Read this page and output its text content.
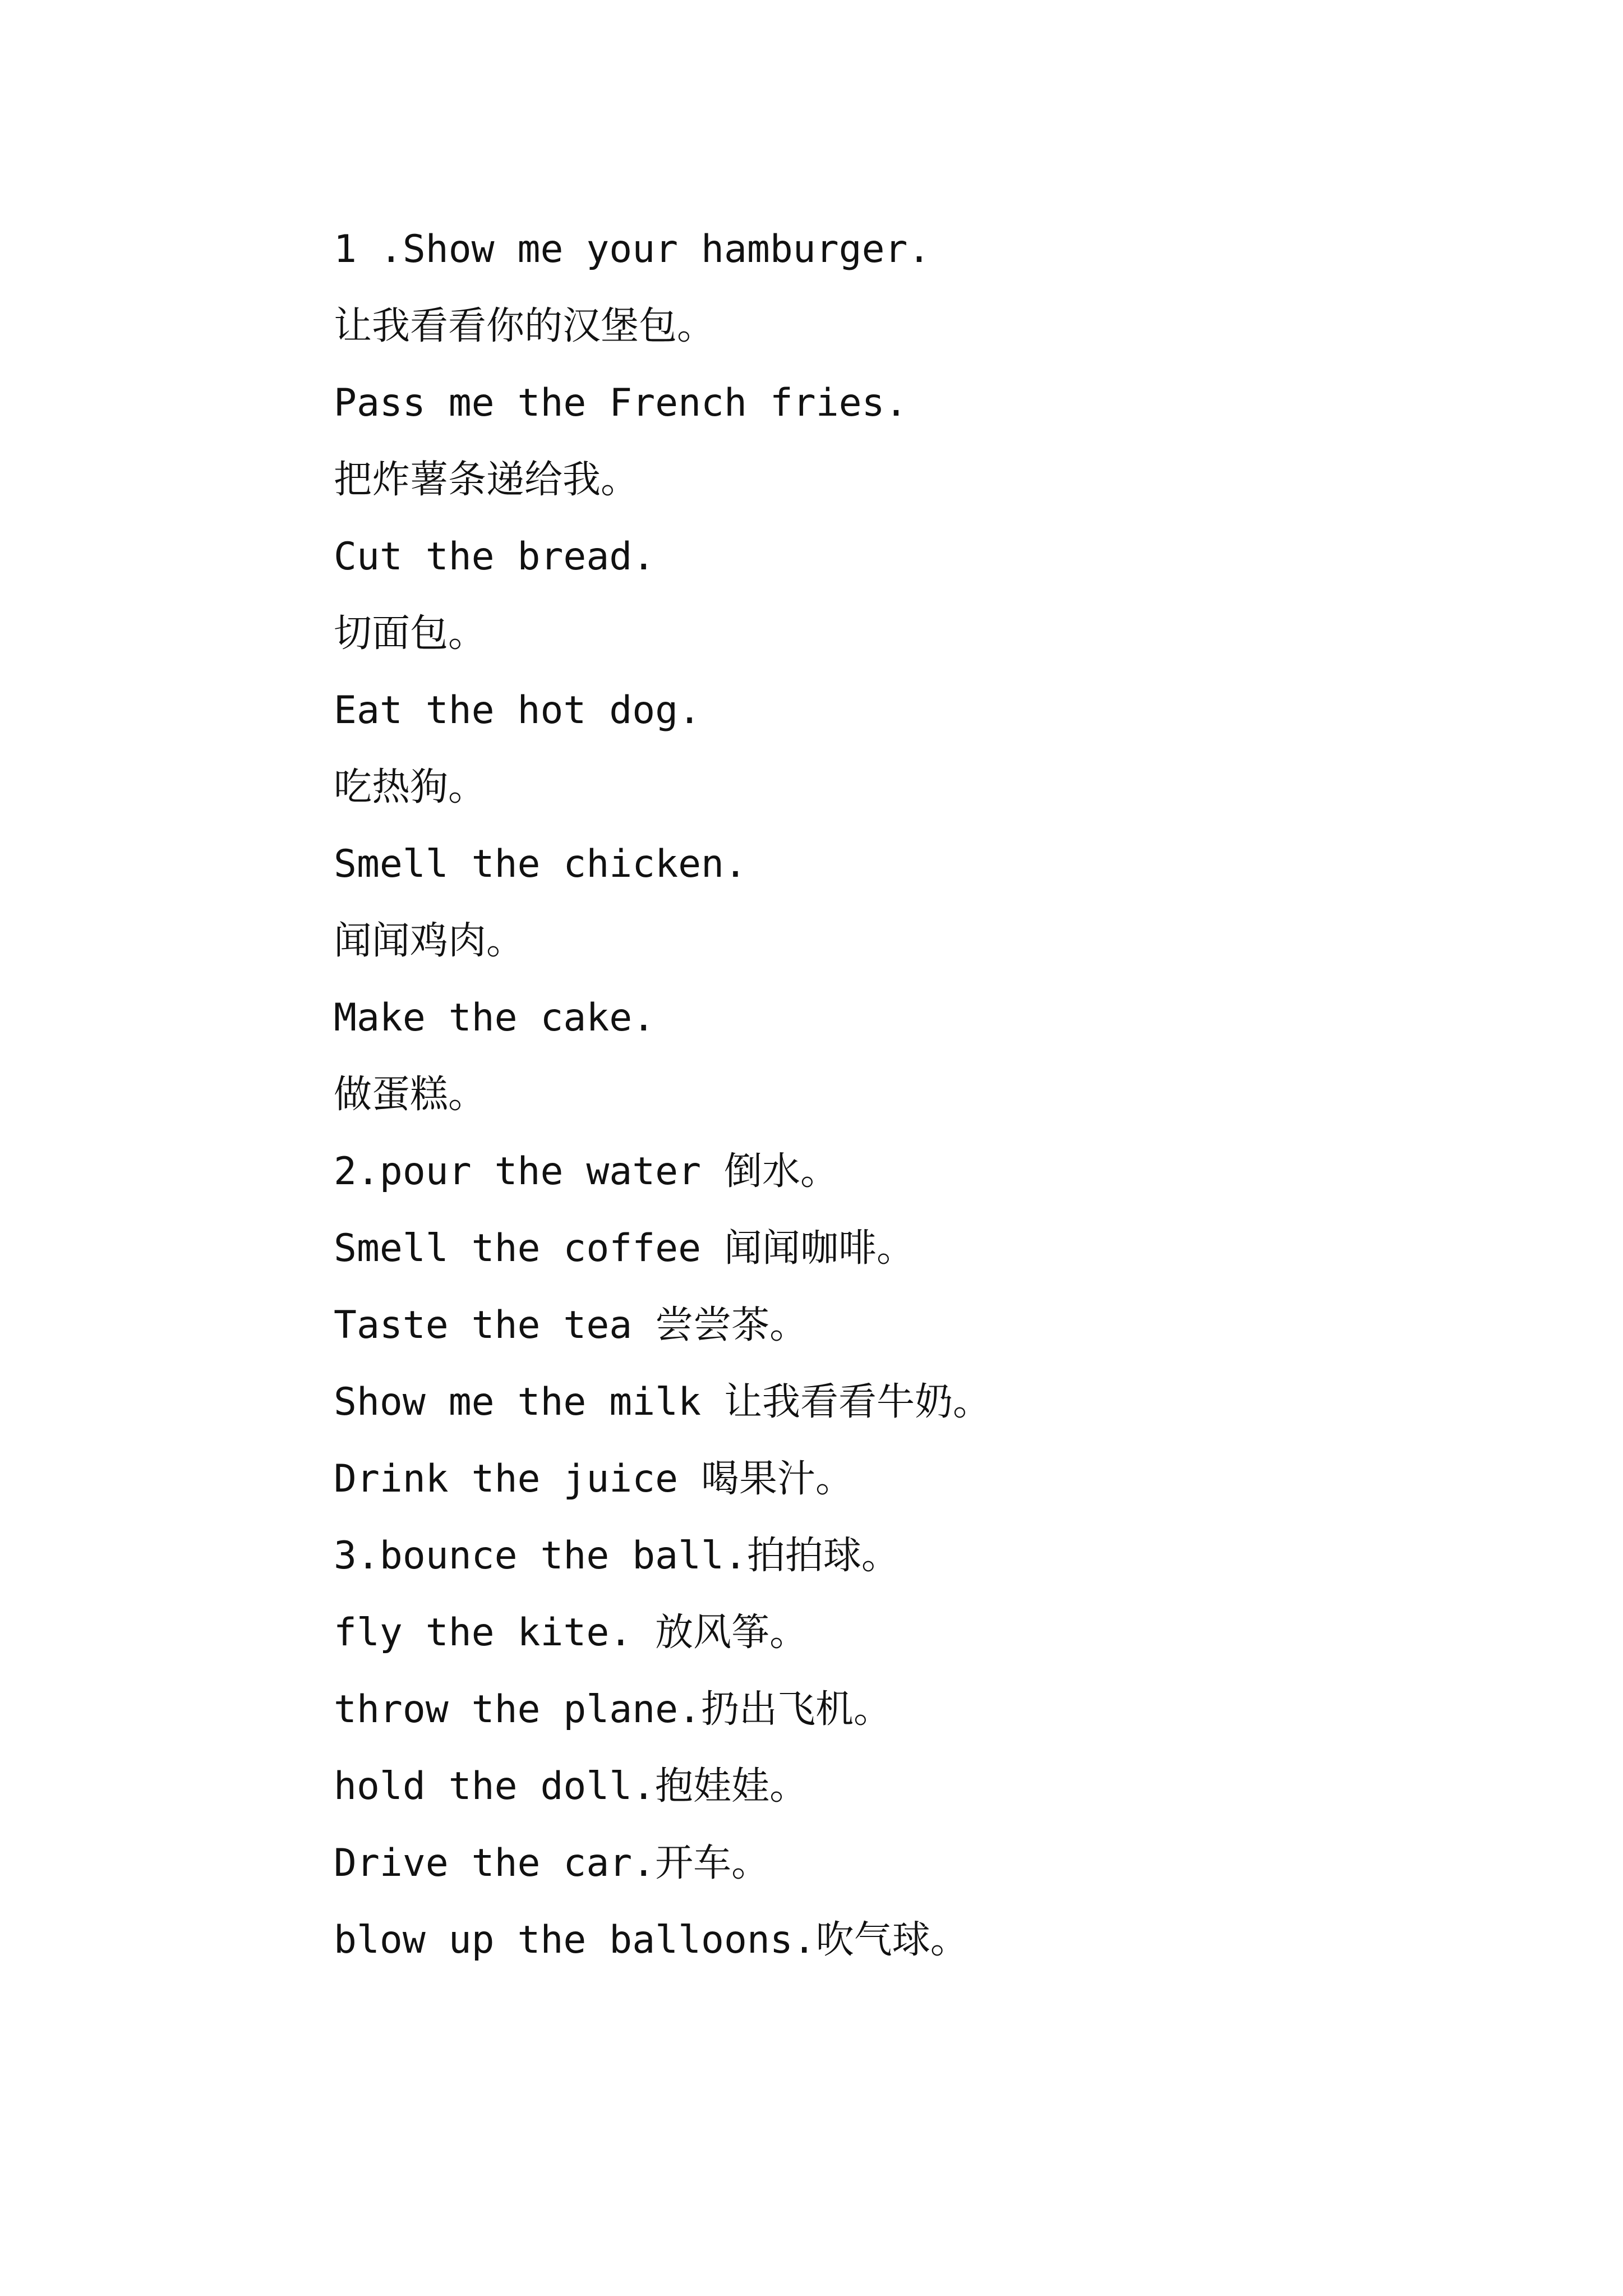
1 .Show me your hamburger.
让我看看你的汉堡包。
Pass me the French fries.
把炸薯条递给我。
Cut the bread.
切面包。
Eat the hot dog.
吃热狗。
Smell the chicken.
闻闻鸡肉。
Make the cake.
做蛋糕。
2.pour the water 倒水。
Smell the coffee 闻闻咖啡。
Taste the tea 尝尝茶。
Show me the milk 让我看看牛奶。
Drink the juice 喝果汁。
3.bounce the ball.拍拍球。
fly the kite. 放风筝。
throw the plane.扔出飞机。
hold the doll.抱娃娃。
Drive the car.开车。
blow up the balloons.吹气球。
